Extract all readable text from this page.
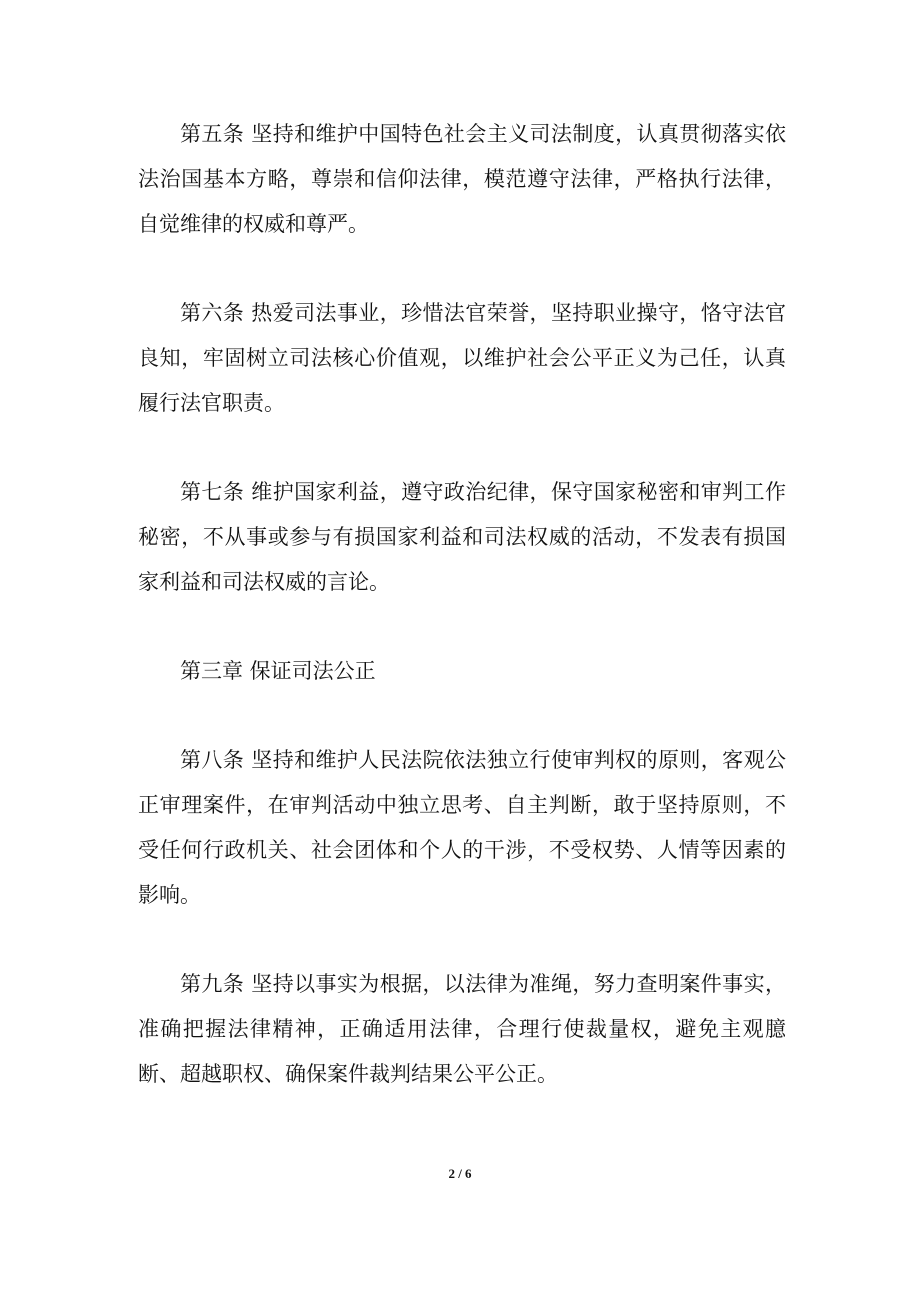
第五条 坚持和维护中国特色社会主义司法制度，认真贯彻落实依法治国基本方略，尊崇和信仰法律，模范遵守法律，严格执行法律，自觉维律的权威和尊严。

第六条 热爱司法事业，珍惜法官荣誉，坚持职业操守，恪守法官良知，牢固树立司法核心价值观，以维护社会公平正义为己任，认真履行法官职责。

第七条 维护国家利益，遵守政治纪律，保守国家秘密和审判工作秘密，不从事或参与有损国家利益和司法权威的活动，不发表有损国家利益和司法权威的言论。

第三章 保证司法公正

第八条 坚持和维护人民法院依法独立行使审判权的原则，客观公正审理案件，在审判活动中独立思考、自主判断，敢于坚持原则，不受任何行政机关、社会团体和个人的干涉，不受权势、人情等因素的影响。

第九条 坚持以事实为根据，以法律为准绳，努力查明案件事实，准确把握法律精神，正确适用法律，合理行使裁量权，避免主观臆断、超越职权、确保案件裁判结果公平公正。

2 / 6
